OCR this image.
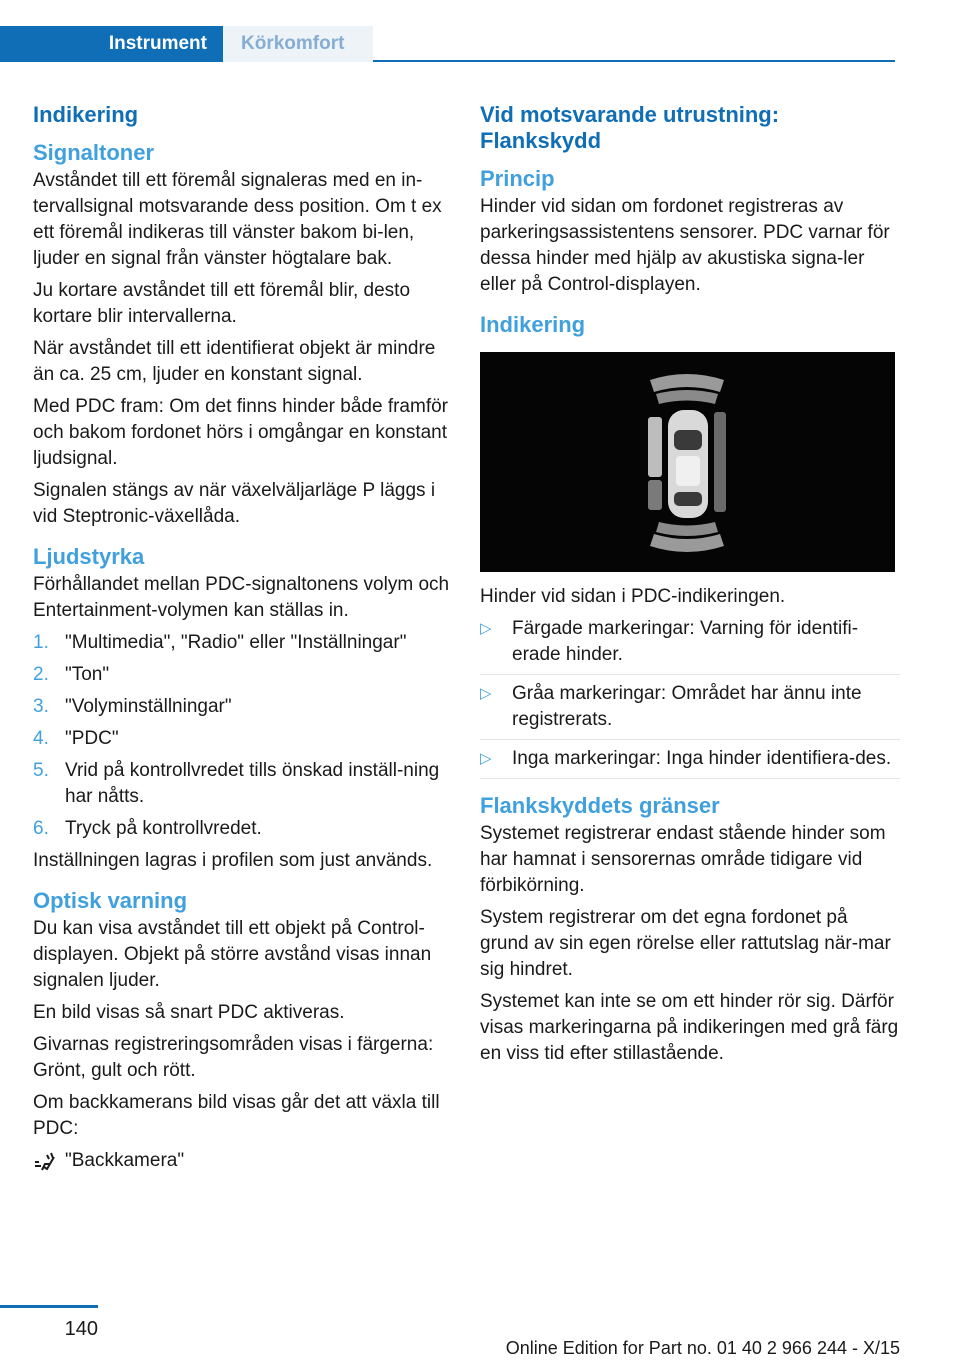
Instrument	Körkomfort
Indikering
Signaltoner

Avståndet till ett föremål signaleras med en in-tervallsignal motsvarande dess position. Om t ex ett föremål indikeras till vänster bakom bi-len, ljuder en signal från vänster högtalare bak.

Ju kortare avståndet till ett föremål blir, desto kortare blir intervallerna.

När avståndet till ett identifierat objekt är mindre än ca. 25 cm, ljuder en konstant signal.

Med PDC fram: Om det finns hinder både framför och bakom fordonet hörs i omgångar en konstant ljudsignal.

Signalen stängs av när växelväljarläge P läggs i vid Steptronic-växellåda.

Ljudstyrka

Förhållandet mellan PDC-signaltonens volym och Entertainment-volymen kan ställas in.

1. "Multimedia", "Radio" eller "Inställningar"
2. "Ton"
3. "Volyminställningar"
4. "PDC"
5. Vrid på kontrollvredet tills önskad inställ-ning har nåtts.
6. Tryck på kontrollvredet.

Inställningen lagras i profilen som just används.

Optisk varning

Du kan visa avståndet till ett objekt på Control-displayen. Objekt på större avstånd visas innan signalen ljuder.

En bild visas så snart PDC aktiveras.

Givarnas registreringsområden visas i färgerna: Grönt, gult och rött.

Om backkamerans bild visas går det att växla till PDC:

"Backkamera"
Vid motsvarande utrustning: Flankskydd
Princip

Hinder vid sidan om fordonet registreras av parkeringsassistentens sensorer. PDC varnar för dessa hinder med hjälp av akustiska signa-ler eller på Control-displayen.

Indikering

Hinder vid sidan i PDC-indikeringen.

▷ Färgade markeringar: Varning för identifi-erade hinder.
▷ Gråa markeringar: Området har ännu inte registrerats.
▷ Inga markeringar: Inga hinder identifiera-des.
Flankskyddets gränser

Systemet registrerar endast stående hinder som har hamnat i sensorernas område tidigare vid förbikörning.

System registrerar om det egna fordonet på grund av sin egen rörelse eller rattutslag när-mar sig hindret.

Systemet kan inte se om ett hinder rör sig. Därför visas markeringarna på indikeringen med grå färg en viss tid efter stillastående.

140
Online Edition for Part no. 01 40 2 966 244 - X/15
